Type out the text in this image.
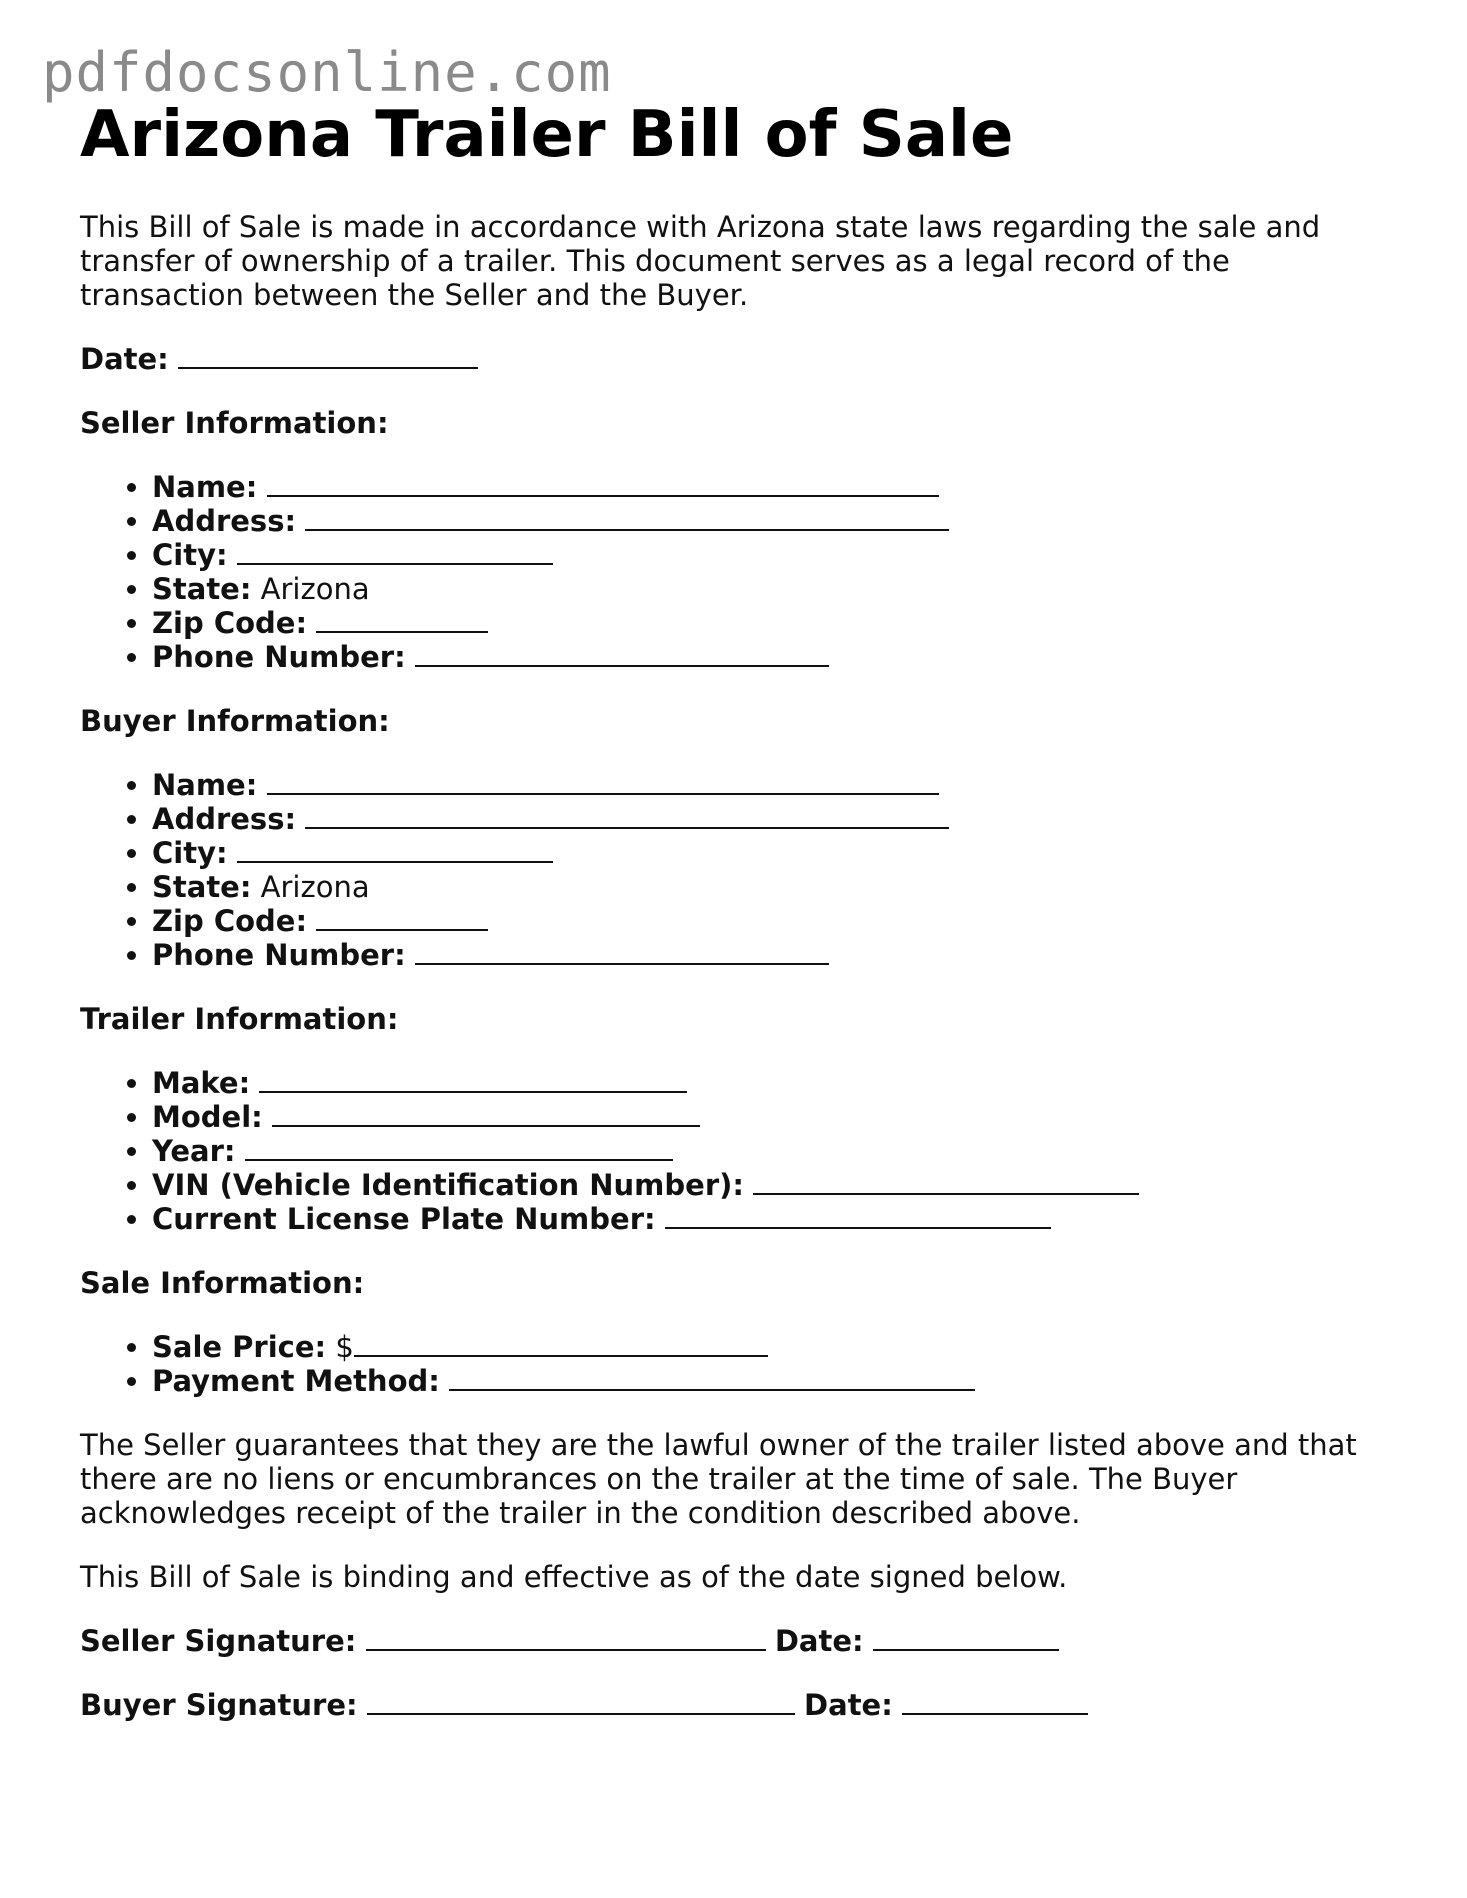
pdfdocsonline.com
Arizona Trailer Bill of Sale

This Bill of Sale is made in accordance with Arizona state laws regarding the sale and transfer of ownership of a trailer. This document serves as a legal record of the transaction between the Seller and the Buyer.

Date:

Seller Information:
• Name:
• Address:
• City:
• State: Arizona
• Zip Code:
• Phone Number:
Buyer Information:
• Name:
• Address:
• City:
• State: Arizona
• Zip Code:
• Phone Number:
Trailer Information:
• Make:
• Model:
• Year:
• VIN (Vehicle Identification Number):
• Current License Plate Number:
Sale Information:
• Sale Price: $
• Payment Method:

The Seller guarantees that they are the lawful owner of the trailer listed above and that there are no liens or encumbrances on the trailer at the time of sale. The Buyer acknowledges receipt of the trailer in the condition described above.

This Bill of Sale is binding and effective as of the date signed below.

Seller Signature:	Date:

Buyer Signature:	Date:
